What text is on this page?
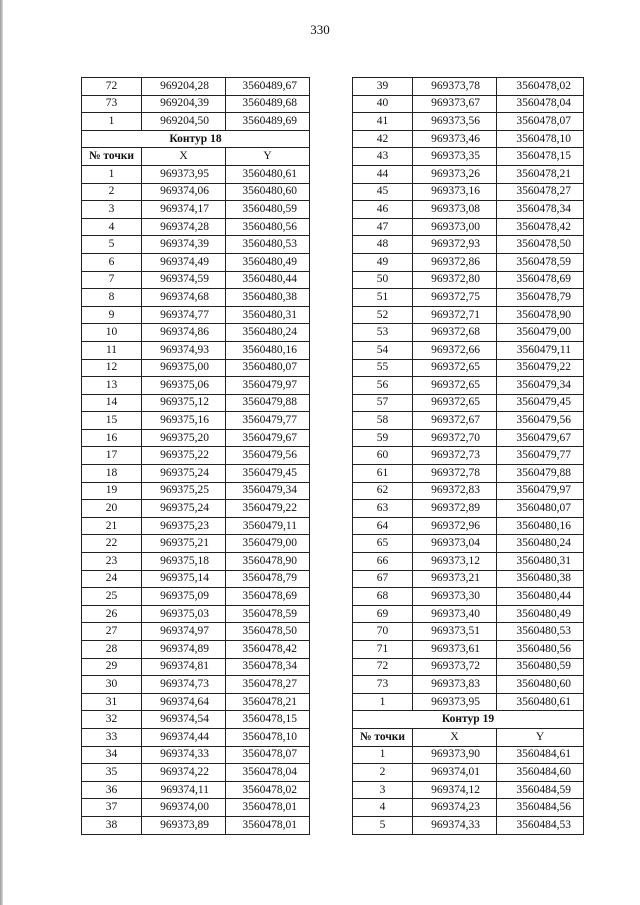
330
72	969204,28	3560489,67
73	969204,39	3560489,68
1	969204,50	3560489,69
Контур 18		
№ точки	X	Y
1	969373,95	3560480,61
2	969374,06	3560480,60
3	969374,17	3560480,59
4	969374,28	3560480,56
5	969374,39	3560480,53
6	969374,49	3560480,49
7	969374,59	3560480,44
8	969374,68	3560480,38
9	969374,77	3560480,31
10	969374,86	3560480,24
11	969374,93	3560480,16
12	969375,00	3560480,07
13	969375,06	3560479,97
14	969375,12	3560479,88
15	969375,16	3560479,77
16	969375,20	3560479,67
17	969375,22	3560479,56
18	969375,24	3560479,45
19	969375,25	3560479,34
20	969375,24	3560479,22
21	969375,23	3560479,11
22	969375,21	3560479,00
23	969375,18	3560478,90
24	969375,14	3560478,79
25	969375,09	3560478,69
26	969375,03	3560478,59
27	969374,97	3560478,50
28	969374,89	3560478,42
29	969374,81	3560478,34
30	969374,73	3560478,27
31	969374,64	3560478,21
32	969374,54	3560478,15
33	969374,44	3560478,10
34	969374,33	3560478,07
35	969374,22	3560478,04
36	969374,11	3560478,02
37	969374,00	3560478,01
38	969373,89	3560478,01
39	969373,78	3560478,02
40	969373,67	3560478,04
41	969373,56	3560478,07
42	969373,46	3560478,10
43	969373,35	3560478,15
44	969373,26	3560478,21
45	969373,16	3560478,27
46	969373,08	3560478,34
47	969373,00	3560478,42
48	969372,93	3560478,50
49	969372,86	3560478,59
50	969372,80	3560478,69
51	969372,75	3560478,79
52	969372,71	3560478,90
53	969372,68	3560479,00
54	969372,66	3560479,11
55	969372,65	3560479,22
56	969372,65	3560479,34
57	969372,65	3560479,45
58	969372,67	3560479,56
59	969372,70	3560479,67
60	969372,73	3560479,77
61	969372,78	3560479,88
62	969372,83	3560479,97
63	969372,89	3560480,07
64	969372,96	3560480,16
65	969373,04	3560480,24
66	969373,12	3560480,31
67	969373,21	3560480,38
68	969373,30	3560480,44
69	969373,40	3560480,49
70	969373,51	3560480,53
71	969373,61	3560480,56
72	969373,72	3560480,59
73	969373,83	3560480,60
1	969373,95	3560480,61
Контур 19		
№ точки	X	Y
1	969373,90	3560484,61
2	969374,01	3560484,60
3	969374,12	3560484,59
4	969374,23	3560484,56
5	969374,33	3560484,53
